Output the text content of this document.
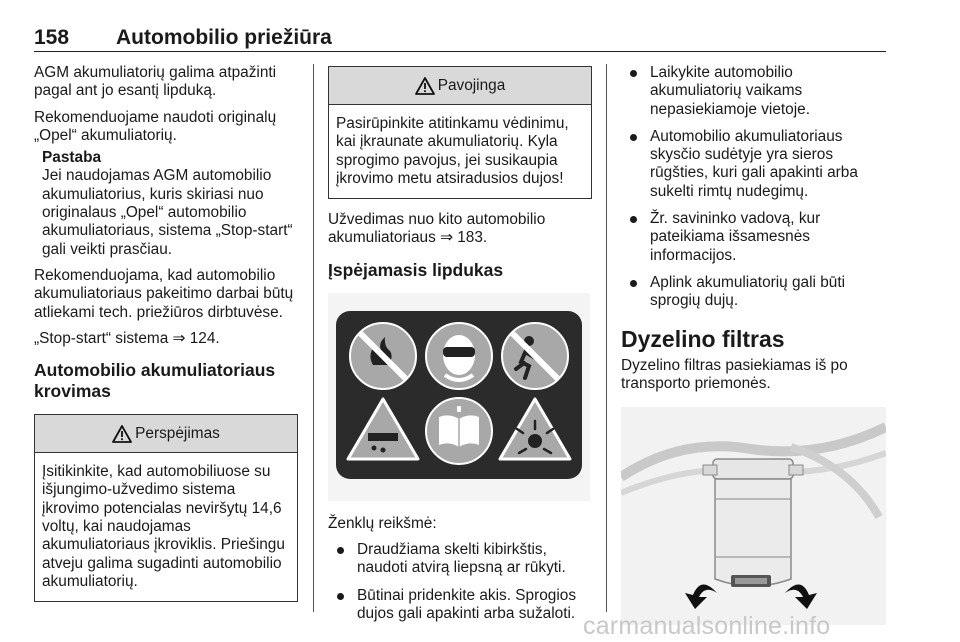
158 Automobilio priežiūra

AGM akumuliatorių galima atpažinti pagal ant jo esantį lipduką.

Rekomenduojame naudoti originalų „Opel“ akumuliatorių.

Pastaba
Jei naudojamas AGM automobilio akumuliatorius, kuris skiriasi nuo originalaus „Opel“ automobilio akumuliatoriaus, sistema „Stop-start“ gali veikti prasčiau.

Rekomenduojama, kad automobilio akumuliatoriaus pakeitimo darbai būtų atliekami tech. priežiūros dirbtuvėse.

„Stop-start“ sistema ⇒ 124.

Automobilio akumuliatoriaus krovimas
Perspėjimas
Įsitikinkite, kad automobiliuose su išjungimo-užvedimo sistema įkrovimo potencialas neviršytų 14,6 voltų, kai naudojamas akumuliatoriaus įkroviklis. Priešingu atveju galima sugadinti automobilio akumuliatorių.
Pavojinga
Pasirūpinkite atitinkamu vėdinimu, kai įkraunate akumuliatorių. Kyla sprogimo pavojus, jei susikaupia įkrovimo metu atsiradusios dujos!

Užvedimas nuo kito automobilio akumuliatoriaus ⇒ 183.

Įspėjamasis lipdukas

Ženklų reikšmė:

Draudžiama skelti kibirkštis, naudoti atvirą liepsną ar rūkyti.
Būtinai pridenkite akis. Sprogios dujos gali apakinti arba sužaloti.
Laikykite automobilio akumuliatorių vaikams nepasiekiamoje vietoje.
Automobilio akumuliatoriaus skysčio sudėtyje yra sieros rūgšties, kuri gali apakinti arba sukelti rimtų nudegimų.
Žr. savininko vadovą, kur pateikiama išsamesnės informacijos.
Aplink akumuliatorių gali būti sprogių dujų.
Dyzelino filtras

Dyzelino filtras pasiekiamas iš po transporto priemonės.

carmanualsonline.info
